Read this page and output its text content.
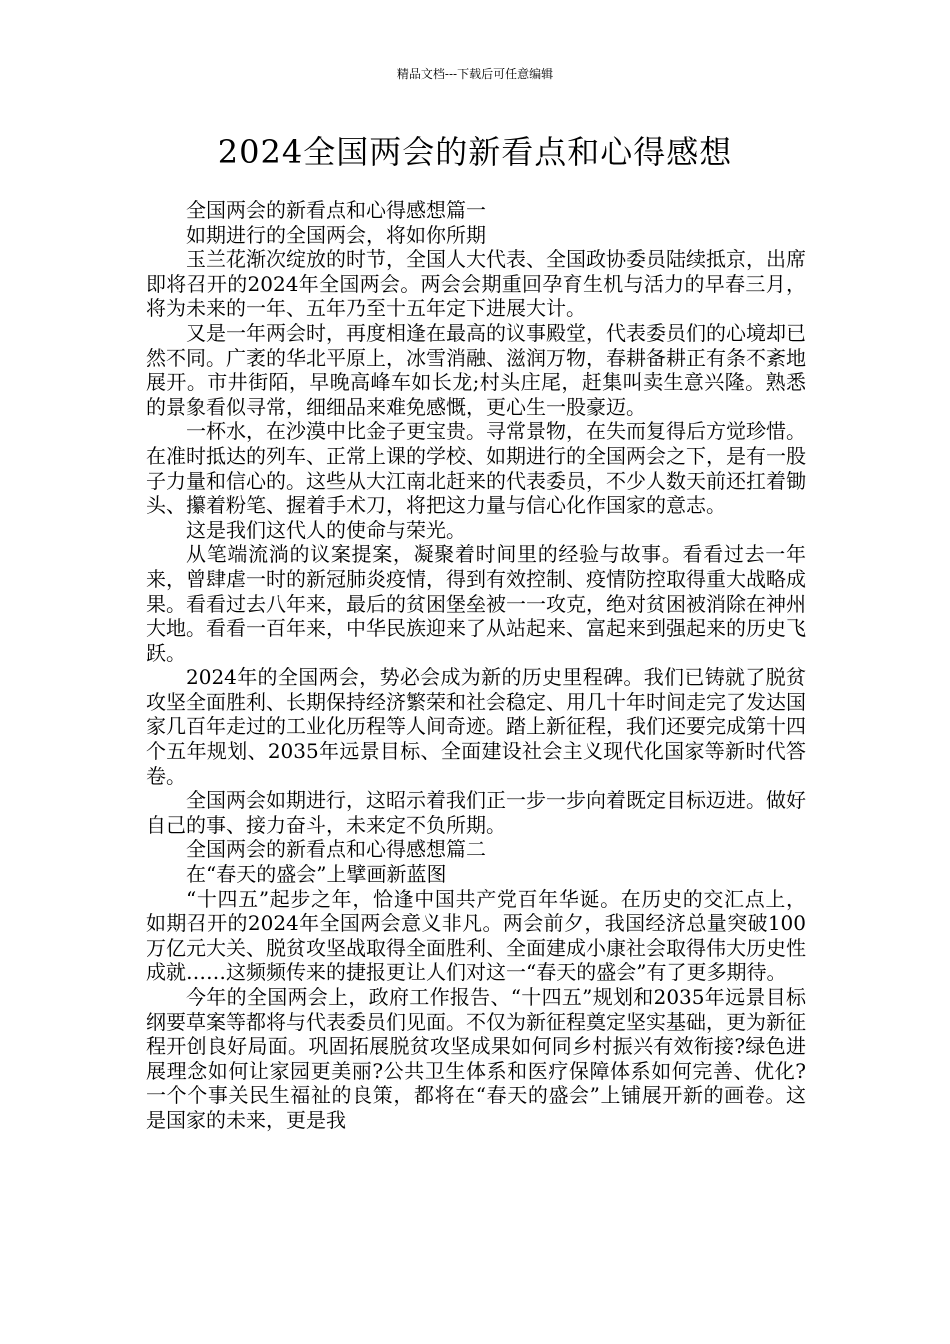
精品文档---下载后可任意编辑
2024全国两会的新看点和心得感想

全国两会的新看点和心得感想篇一

如期进行的全国两会，将如你所期

玉兰花渐次绽放的时节，全国人大代表、全国政协委员陆续抵京，出席即将召开的2024年全国两会。两会会期重回孕育生机与活力的早春三月，将为未来的一年、五年乃至十五年定下进展大计。

又是一年两会时，再度相逢在最高的议事殿堂，代表委员们的心境却已然不同。广袤的华北平原上，冰雪消融、滋润万物，春耕备耕正有条不紊地展开。市井街陌，早晚高峰车如长龙;村头庄尾，赶集叫卖生意兴隆。熟悉的景象看似寻常，细细品来难免感慨，更心生一股豪迈。

一杯水，在沙漠中比金子更宝贵。寻常景物，在失而复得后方觉珍惜。在准时抵达的列车、正常上课的学校、如期进行的全国两会之下，是有一股子力量和信心的。这些从大江南北赶来的代表委员，不少人数天前还扛着锄头、攥着粉笔、握着手术刀，将把这力量与信心化作国家的意志。

这是我们这代人的使命与荣光。

从笔端流淌的议案提案，凝聚着时间里的经验与故事。看看过去一年来，曾肆虐一时的新冠肺炎疫情，得到有效控制、疫情防控取得重大战略成果。看看过去八年来，最后的贫困堡垒被一一攻克，绝对贫困被消除在神州大地。看看一百年来，中华民族迎来了从站起来、富起来到强起来的历史飞跃。

2024年的全国两会，势必会成为新的历史里程碑。我们已铸就了脱贫攻坚全面胜利、长期保持经济繁荣和社会稳定、用几十年时间走完了发达国家几百年走过的工业化历程等人间奇迹。踏上新征程，我们还要完成第十四个五年规划、2035年远景目标、全面建设社会主义现代化国家等新时代答卷。

全国两会如期进行，这昭示着我们正一步一步向着既定目标迈进。做好自己的事、接力奋斗，未来定不负所期。

全国两会的新看点和心得感想篇二

在“春天的盛会”上擘画新蓝图

“十四五”起步之年，恰逢中国共产党百年华诞。在历史的交汇点上，如期召开的2024年全国两会意义非凡。两会前夕，我国经济总量突破100万亿元大关、脱贫攻坚战取得全面胜利、全面建成小康社会取得伟大历史性成就……这频频传来的捷报更让人们对这一“春天的盛会”有了更多期待。

今年的全国两会上，政府工作报告、“十四五”规划和2035年远景目标纲要草案等都将与代表委员们见面。不仅为新征程奠定坚实基础，更为新征程开创良好局面。巩固拓展脱贫攻坚成果如何同乡村振兴有效衔接?绿色进展理念如何让家园更美丽?公共卫生体系和医疗保障体系如何完善、优化?一个个事关民生福祉的良策，都将在“春天的盛会”上铺展开新的画卷。这是国家的未来，更是我
